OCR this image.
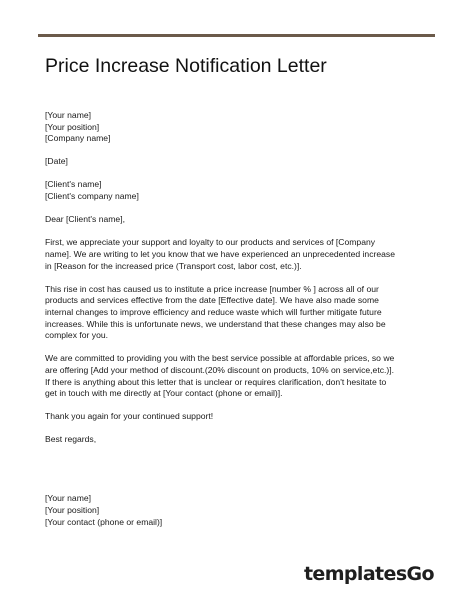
Price Increase Notification Letter
[Your name]
[Your position]
[Company name]
[Date]
[Client's name]
[Client's company name]
Dear [Client's name],
First, we appreciate your support and loyalty to our products and services of [Company
name]. We are writing to let you know that we have experienced an unprecedented increase
in [Reason for the increased price (Transport cost, labor cost, etc.)].
This rise in cost has caused us to institute a price increase [number % ] across all of our
products and services effective from the date [Effective date]. We have also made some
internal changes to improve efficiency and reduce waste which will further mitigate future
increases. While this is unfortunate news, we understand that these changes may also be
complex for you.
We are committed to providing you with the best service possible at affordable prices, so we
are offering [Add your method of discount.(20% discount on products, 10% on service,etc.)].
If there is anything about this letter that is unclear or requires clarification, don't hesitate to
get in touch with me directly at [Your contact (phone or email)].
Thank you again for your continued support!
Best regards,
[Your name]
[Your position]
[Your contact (phone or email)]
templatesGo
